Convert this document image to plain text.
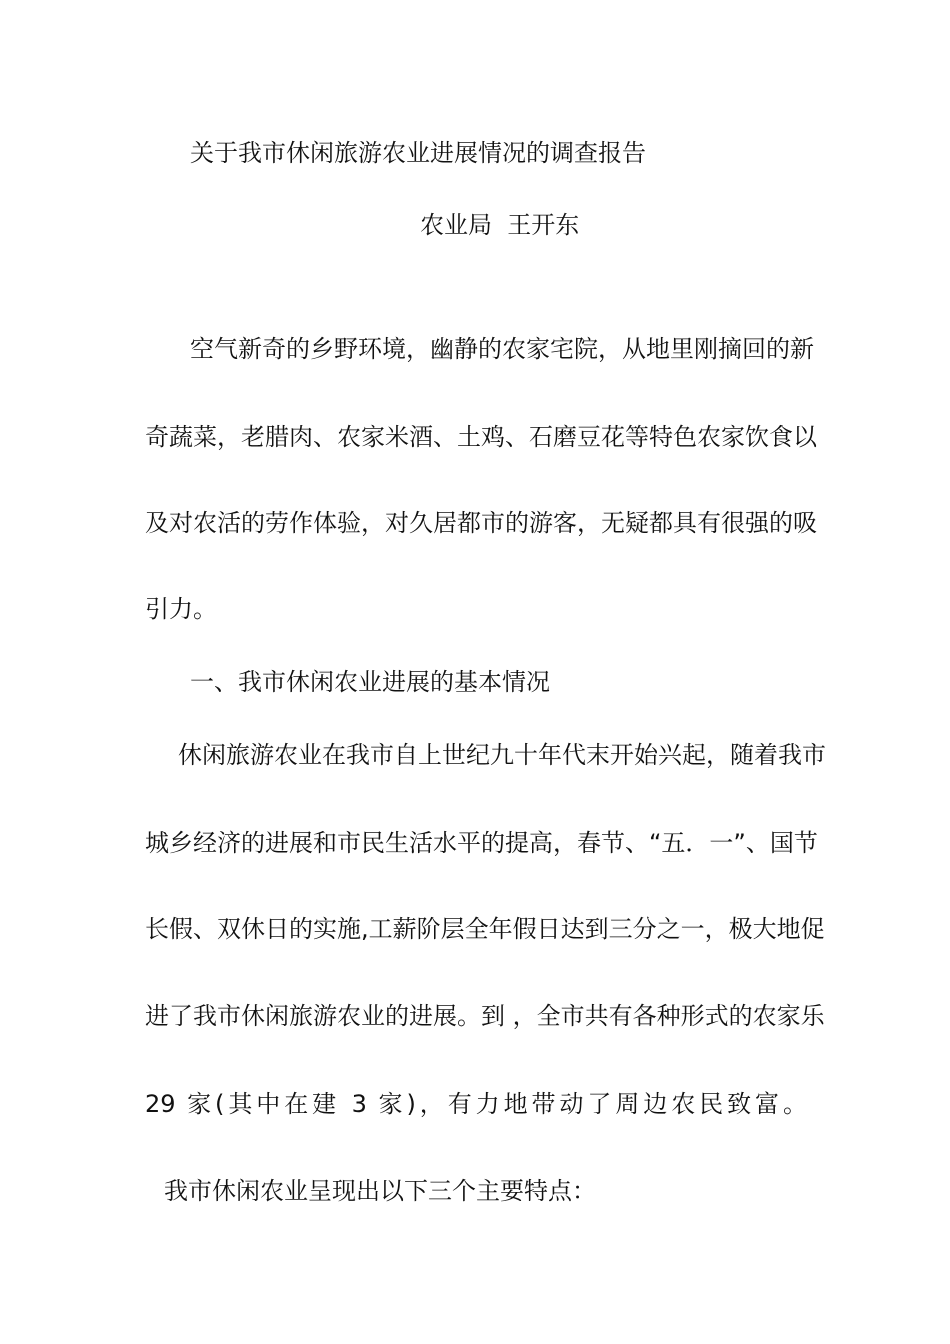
关于我市休闲旅游农业进展情况的调查报告
农业局  王开东
空气新奇的乡野环境，幽静的农家宅院，从地里刚摘回的新
奇蔬菜，老腊肉、农家米酒、土鸡、石磨豆花等特色农家饮食以
及对农活的劳作体验，对久居都市的游客，无疑都具有很强的吸
引力。
一、我市休闲农业进展的基本情况
休闲旅游农业在我市自上世纪九十年代末开始兴起，随着我市
城乡经济的进展和市民生活水平的提高，春节、“五．一”、国节
长假、双休日的实施,工薪阶层全年假日达到三分之一，极大地促
进了我市休闲旅游农业的进展。到 ，全市共有各种形式的农家乐
29 家(其中在建 3 家)，有力地带动了周边农民致富。
我市休闲农业呈现出以下三个主要特点：
